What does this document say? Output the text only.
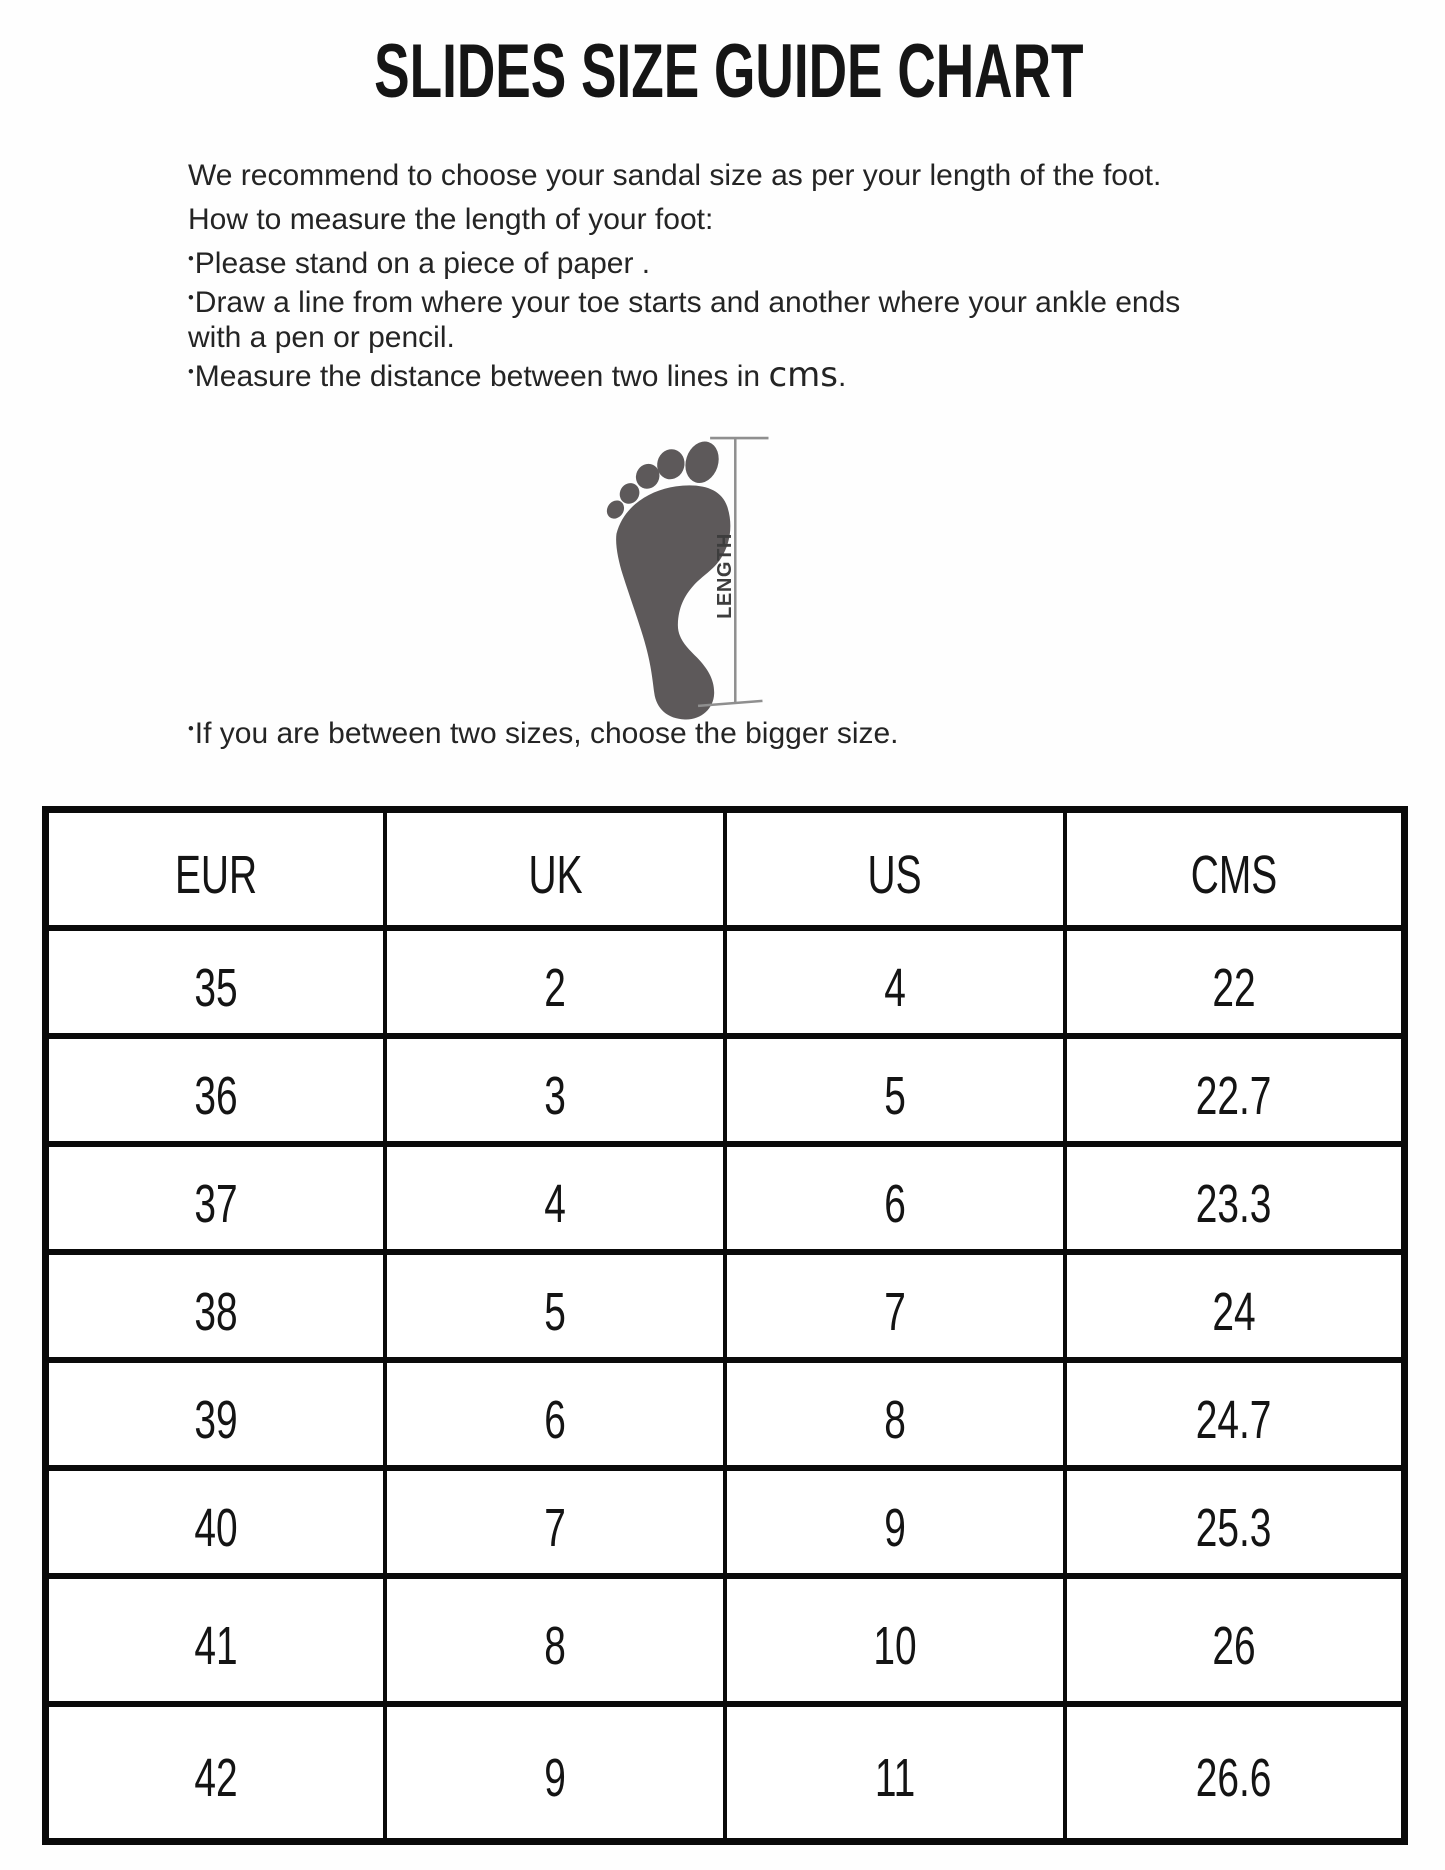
SLIDES SIZE GUIDE CHART

We recommend to choose your sandal size as per your length of the foot.

How to measure the length of your foot:

•Please stand on a piece of paper .

•Draw a line from where your toe starts and another where your ankle ends
with a pen or pencil.

•Measure the distance between two lines in cms.

LENGTH

•If you are between two sizes, choose the bigger size.

EUR	UK	US	CMS
35	2	4	22
36	3	5	22.7
37	4	6	23.3
38	5	7	24
39	6	8	24.7
40	7	9	25.3
41	8	10	26
42	9	11	26.6
